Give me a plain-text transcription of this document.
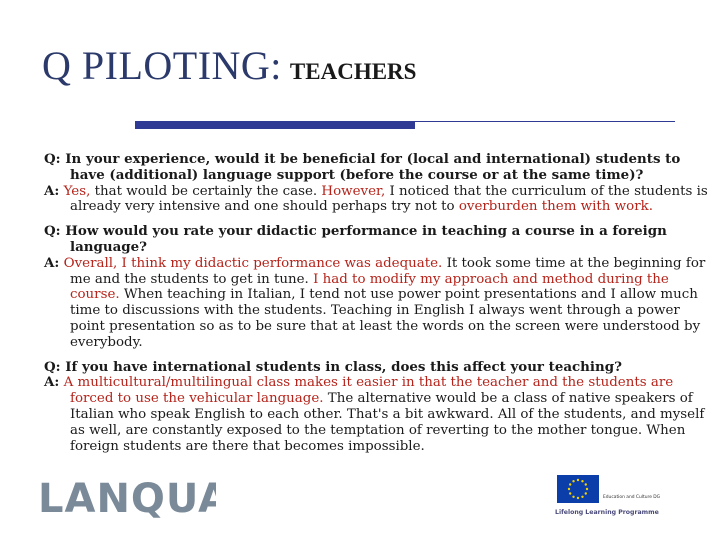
Q PILOTING: TEACHERS
Q: In your experience, would it be beneficial for (local and international) students to have (additional) language support (before the course or at the same time)?
A: Yes, that would be certainly the case. However, I noticed that the curriculum of the students is already very intensive and one should perhaps try not to overburden them with work.
Q: How would you rate your didactic performance in teaching a course in a foreign language?
A: Overall, I think my didactic performance was adequate. It took some time at the beginning for me and the students to get in tune. I had to modify my approach and method during the course. When teaching in Italian, I tend not use power point presentations and I allow much time to discussions with the students. Teaching in English I always went through a power point presentation so as to be sure that at least the words on the screen were understood by everybody.
Q: If you have international students in class, does this affect your teaching?
A: A multicultural/multilingual class makes it easier in that the teacher and the students are forced to use the vehicular language. The alternative would be a class of native speakers of Italian who speak English to each other. That's a bit awkward. All of the students, and myself as well, are constantly exposed to the temptation of reverting to the mother tongue. When foreign students are there that becomes impossible.
LANQUA	Education and Culture DG
Lifelong Learning Programme
